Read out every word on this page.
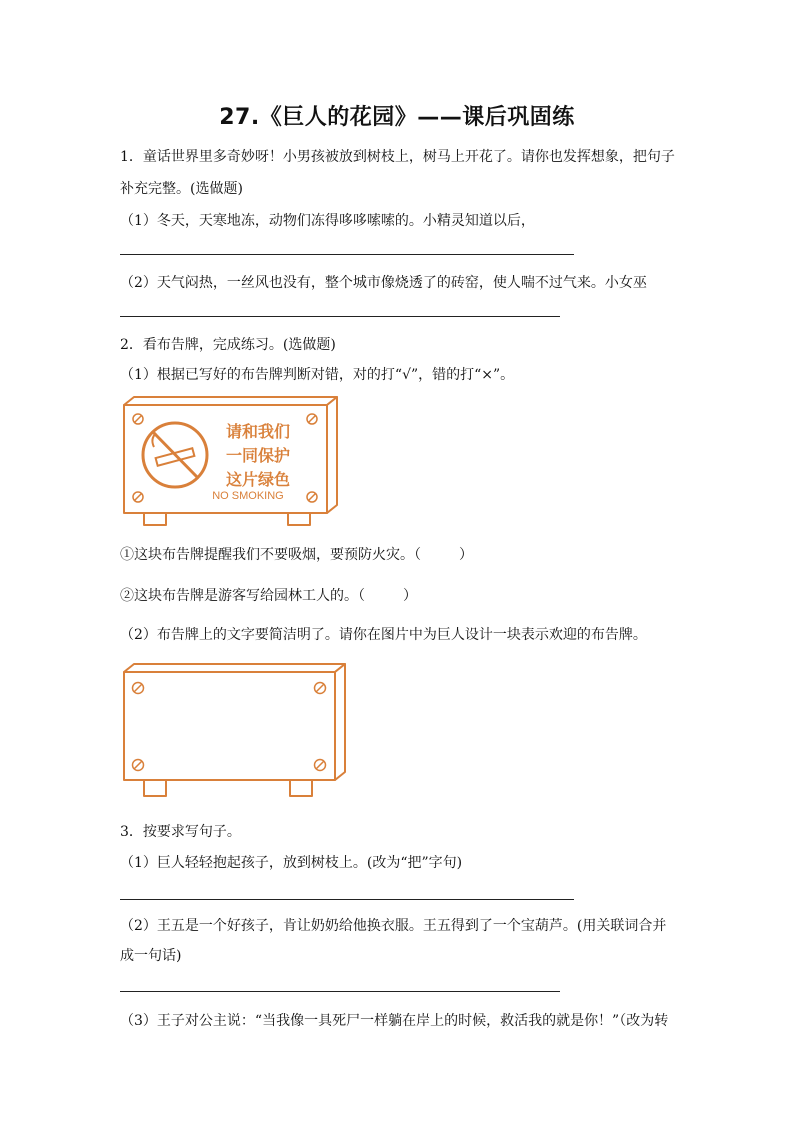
27.《巨人的花园》——课后巩固练
1．童话世界里多奇妙呀！小男孩被放到树枝上，树马上开花了。请你也发挥想象，把句子
补充完整。(选做题)
（1）冬天，天寒地冻，动物们冻得哆哆嗦嗦的。小精灵知道以后，
（2）天气闷热，一丝风也没有，整个城市像烧透了的砖窑，使人喘不过气来。小女巫
2．看布告牌，完成练习。(选做题)
（1）根据已写好的布告牌判断对错，对的打“√”，错的打“×”。
请和我们
一同保护
这片绿色
NO SMOKING
①这块布告牌提醒我们不要吸烟，要预防火灾。（	）
②这块布告牌是游客写给园林工人的。（	）
（2）布告牌上的文字要简洁明了。请你在图片中为巨人设计一块表示欢迎的布告牌。
3．按要求写句子。
（1）巨人轻轻抱起孩子，放到树枝上。(改为“把”字句)
（2）王五是一个好孩子，肯让奶奶给他换衣服。王五得到了一个宝葫芦。(用关联词合并
成一句话)
（3）王子对公主说：“当我像一具死尸一样躺在岸上的时候，救活我的就是你！”（改为转
